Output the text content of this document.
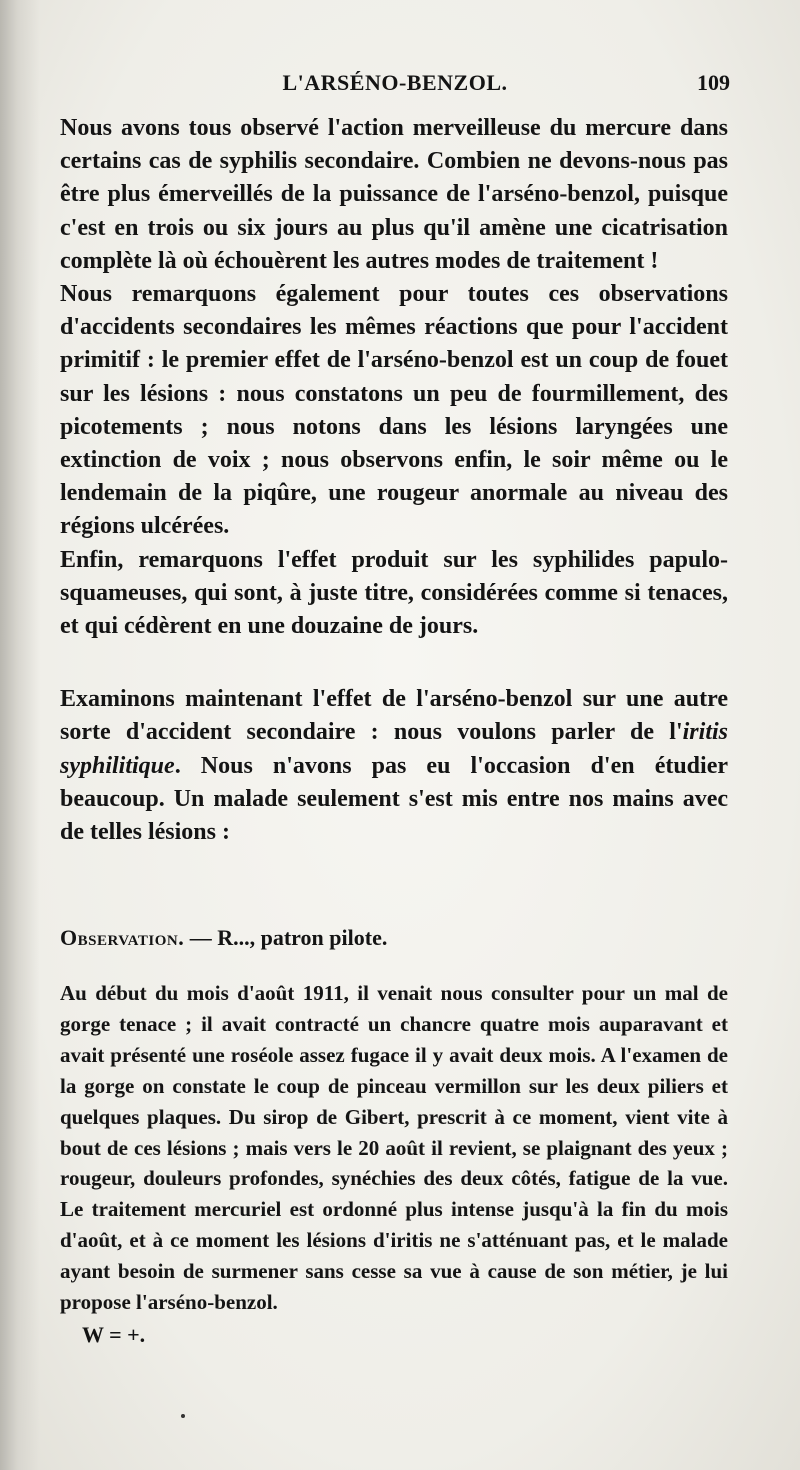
L'ARSÉNO-BENZOL.	109

Nous avons tous observé l'action merveilleuse du mercure dans certains cas de syphilis secondaire. Combien ne devons-nous pas être plus émerveillés de la puissance de l'arséno-benzol, puisque c'est en trois ou six jours au plus qu'il amène une cicatrisation complète là où échouèrent les autres modes de traitement !

Nous remarquons également pour toutes ces observations d'accidents secondaires les mêmes réactions que pour l'accident primitif : le premier effet de l'arséno-benzol est un coup de fouet sur les lésions : nous constatons un peu de fourmillement, des picotements ; nous notons dans les lésions laryngées une extinction de voix ; nous observons enfin, le soir même ou le lendemain de la piqûre, une rougeur anormale au niveau des régions ulcérées.

Enfin, remarquons l'effet produit sur les syphilides papulo-squameuses, qui sont, à juste titre, considérées comme si tenaces, et qui cédèrent en une douzaine de jours.

Examinons maintenant l'effet de l'arséno-benzol sur une autre sorte d'accident secondaire : nous voulons parler de l'iritis syphilitique. Nous n'avons pas eu l'occasion d'en étudier beaucoup. Un malade seulement s'est mis entre nos mains avec de telles lésions :

Observation. — R..., patron pilote.

Au début du mois d'août 1911, il venait nous consulter pour un mal de gorge tenace ; il avait contracté un chancre quatre mois auparavant et avait présenté une roséole assez fugace il y avait deux mois. A l'examen de la gorge on constate le coup de pinceau vermillon sur les deux piliers et quelques plaques. Du sirop de Gibert, prescrit à ce moment, vient vite à bout de ces lésions ; mais vers le 20 août il revient, se plaignant des yeux ; rougeur, douleurs profondes, synéchies des deux côtés, fatigue de la vue. Le traitement mercuriel est ordonné plus intense jusqu'à la fin du mois d'août, et à ce moment les lésions d'iritis ne s'atténuant pas, et le malade ayant besoin de surmener sans cesse sa vue à cause de son métier, je lui propose l'arséno-benzol.

W = +.
